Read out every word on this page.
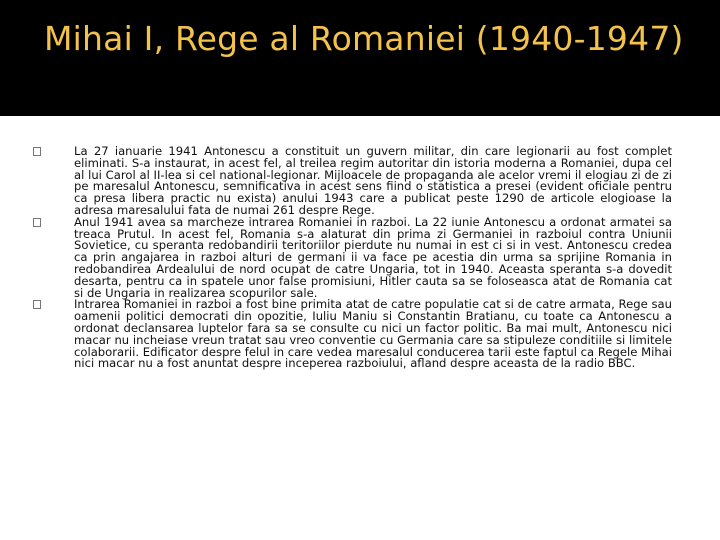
Mihai I, Rege al Romaniei (1940-1947)

La 27 ianuarie 1941 Antonescu a constituit un guvern militar, din care legionarii au fost complet eliminati. S-a instaurat, in acest fel, al treilea regim autoritar din istoria moderna a Romaniei, dupa cel al lui Carol al II-lea si cel national-legionar. Mijloacele de propaganda ale acelor vremi il elogiau zi de zi pe maresalul Antonescu, semnificativa in acest sens fiind o statistica a presei (evident oficiale pentru ca presa libera practic nu exista) anului 1943 care a publicat peste 1290 de articole elogioase la adresa maresalului fata de numai 261 despre Rege.

Anul 1941 avea sa marcheze intrarea Romaniei in razboi. La 22 iunie Antonescu a ordonat armatei sa treaca Prutul. In acest fel, Romania s-a alaturat din prima zi Germaniei in razboiul contra Uniunii Sovietice, cu speranta redobandirii teritoriilor pierdute nu numai in est ci si in vest. Antonescu credea ca prin angajarea in razboi alturi de germani ii va face pe acestia din urma sa sprijine Romania in redobandirea Ardealului de nord ocupat de catre Ungaria, tot in 1940. Aceasta speranta s-a dovedit desarta, pentru ca in spatele unor false promisiuni, Hitler cauta sa se foloseasca atat de Romania cat si de Ungaria in realizarea scopurilor sale.

Intrarea Romaniei in razboi a fost bine primita atat de catre populatie cat si de catre armata, Rege sau oamenii politici democrati din opozitie, Iuliu Maniu si Constantin Bratianu, cu toate ca Antonescu a ordonat declansarea luptelor fara sa se consulte cu nici un factor politic. Ba mai mult, Antonescu nici macar nu incheiase vreun tratat sau vreo conventie cu Germania care sa stipuleze conditiile si limitele colaborarii. Edificator despre felul in care vedea maresalul conducerea tarii este faptul ca Regele Mihai nici macar nu a fost anuntat despre inceperea razboiului, afland despre aceasta de la radio BBC.
